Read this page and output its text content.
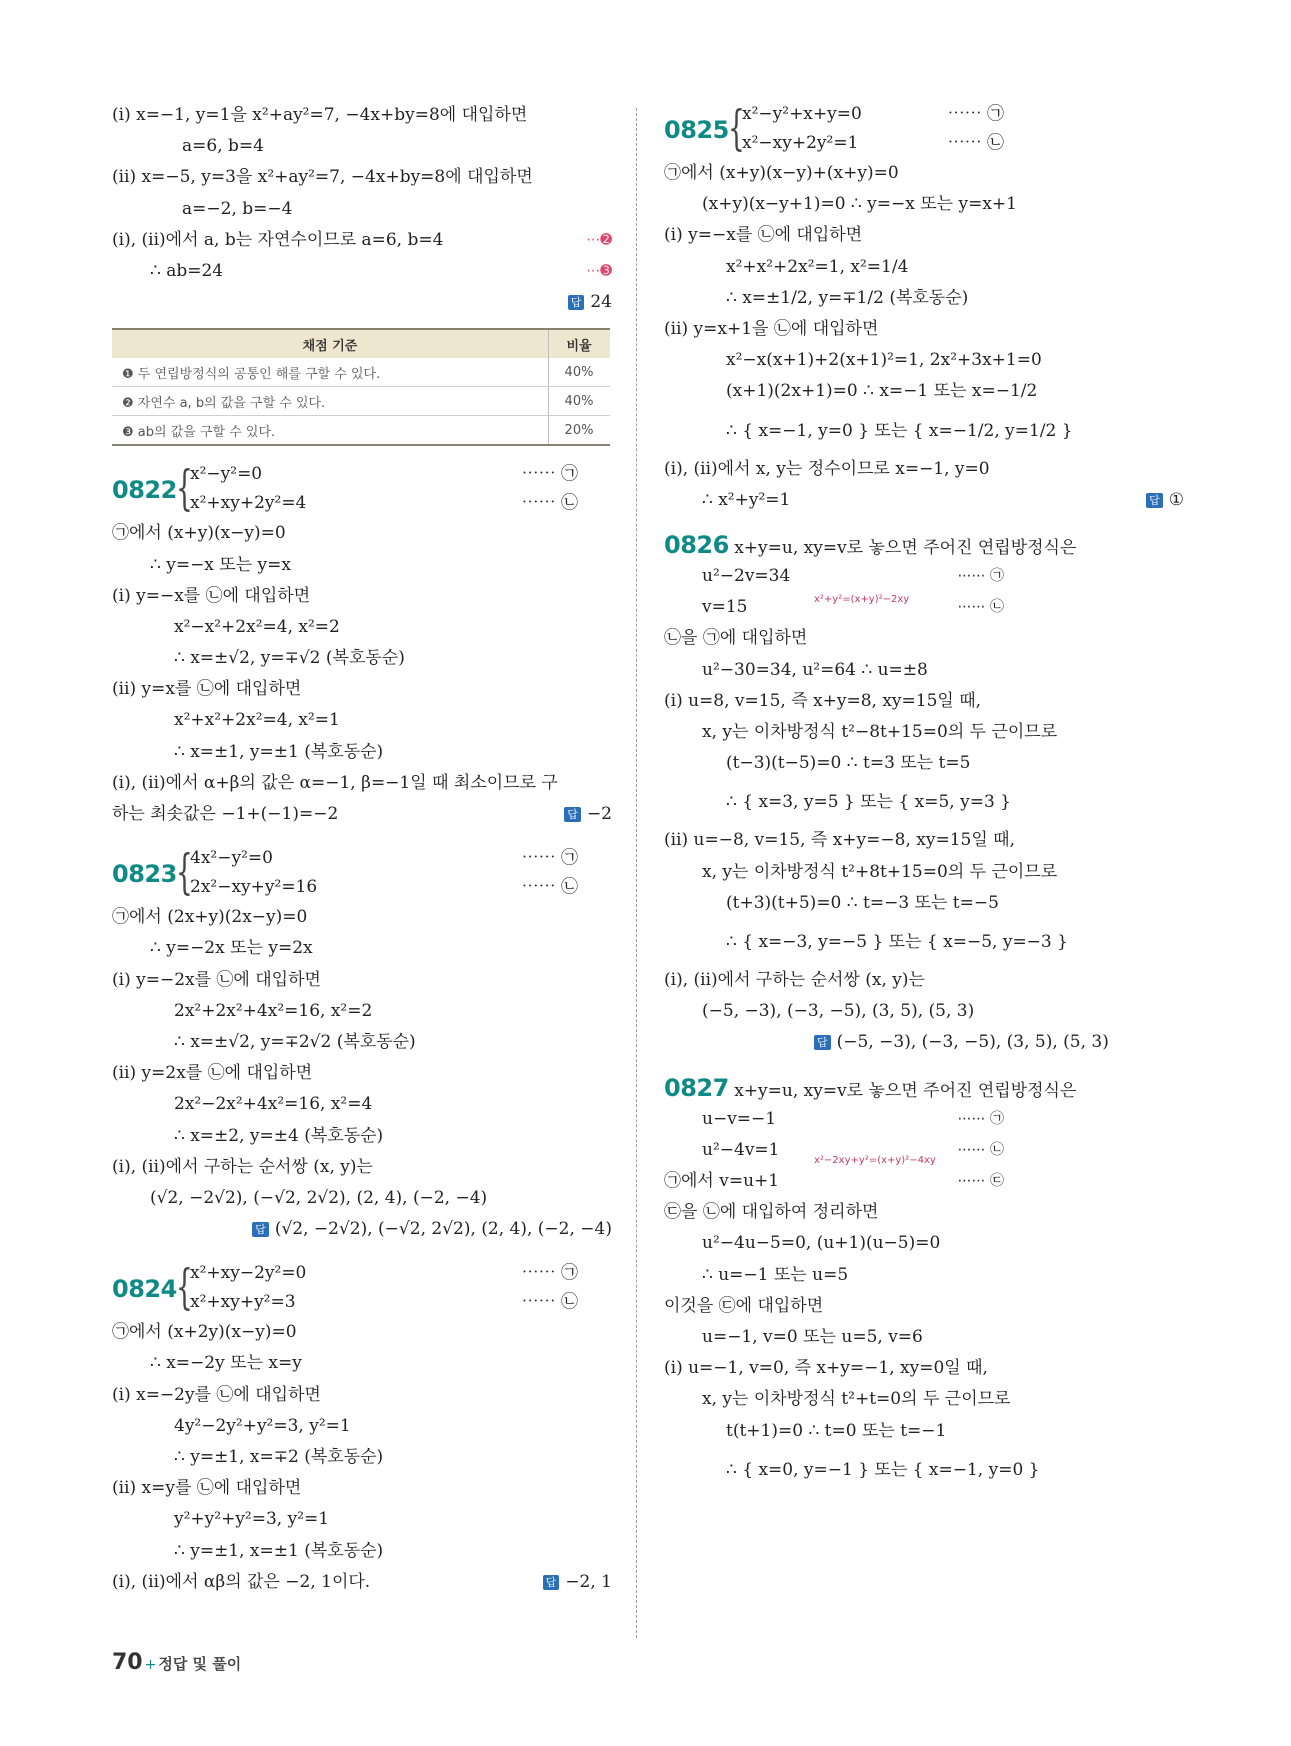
(ⅰ) x=−1, y=1을 x²+ay²=7, −4x+by=8에 대입하면
a=6, b=4
(ⅱ) x=−5, y=3을 x²+ay²=7, −4x+by=8에 대입하면
a=−2, b=−4
(ⅰ), (ⅱ)에서 a, b는 자연수이므로 a=6, b=4	⋯➋
∴ ab=24	⋯➌
답 24
채점 기준	비율
❶ 두 연립방정식의 공통인 해를 구할 수 있다.	40%
❷ 자연수 a, b의 값을 구할 수 있다.	40%
❸ ab의 값을 구할 수 있다.	20%
0822 {
x²−y²=0
x²+xy+2y²=4
⋯⋯ ㉠
⋯⋯ ㉡
㉠에서 (x+y)(x−y)=0
∴ y=−x 또는 y=x
(ⅰ) y=−x를 ㉡에 대입하면
x²−x²+2x²=4, x²=2
∴ x=±√2, y=∓√2 (복호동순)
(ⅱ) y=x를 ㉡에 대입하면
x²+x²+2x²=4, x²=1
∴ x=±1, y=±1 (복호동순)
(ⅰ), (ⅱ)에서 α+β의 값은 α=−1, β=−1일 때 최소이므로 구
하는 최솟값은 −1+(−1)=−2	답 −2
0823 {
4x²−y²=0
2x²−xy+y²=16
⋯⋯ ㉠
⋯⋯ ㉡
㉠에서 (2x+y)(2x−y)=0
∴ y=−2x 또는 y=2x
(ⅰ) y=−2x를 ㉡에 대입하면
2x²+2x²+4x²=16, x²=2
∴ x=±√2, y=∓2√2 (복호동순)
(ⅱ) y=2x를 ㉡에 대입하면
2x²−2x²+4x²=16, x²=4
∴ x=±2, y=±4 (복호동순)
(ⅰ), (ⅱ)에서 구하는 순서쌍 (x, y)는
(√2, −2√2), (−√2, 2√2), (2, 4), (−2, −4)
답 (√2, −2√2), (−√2, 2√2), (2, 4), (−2, −4)
0824 {
x²+xy−2y²=0
x²+xy+y²=3
⋯⋯ ㉠
⋯⋯ ㉡
㉠에서 (x+2y)(x−y)=0
∴ x=−2y 또는 x=y
(ⅰ) x=−2y를 ㉡에 대입하면
4y²−2y²+y²=3, y²=1
∴ y=±1, x=∓2 (복호동순)
(ⅱ) x=y를 ㉡에 대입하면
y²+y²+y²=3, y²=1
∴ y=±1, x=±1 (복호동순)
(ⅰ), (ⅱ)에서 αβ의 값은 −2, 1이다.	답 −2, 1
0825 {
x²−y²+x+y=0
x²−xy+2y²=1
⋯⋯ ㉠
⋯⋯ ㉡
㉠에서 (x+y)(x−y)+(x+y)=0
(x+y)(x−y+1)=0 ∴ y=−x 또는 y=x+1
(ⅰ) y=−x를 ㉡에 대입하면
x²+x²+2x²=1, x²=1/4
∴ x=±1/2, y=∓1/2 (복호동순)
(ⅱ) y=x+1을 ㉡에 대입하면
x²−x(x+1)+2(x+1)²=1, 2x²+3x+1=0
(x+1)(2x+1)=0 ∴ x=−1 또는 x=−1/2
∴ { x=−1, y=0 } 또는 { x=−1/2, y=1/2 }
(ⅰ), (ⅱ)에서 x, y는 정수이므로 x=−1, y=0
∴ x²+y²=1	답 ①
0826 x+y=u, xy=v로 놓으면 주어진 연립방정식은
u²−2v=34	⋯⋯ ㉠
v=15	x²+y²=(x+y)²−2xy	⋯⋯ ㉡
㉡을 ㉠에 대입하면
u²−30=34, u²=64 ∴ u=±8
(ⅰ) u=8, v=15, 즉 x+y=8, xy=15일 때,
x, y는 이차방정식 t²−8t+15=0의 두 근이므로
(t−3)(t−5)=0 ∴ t=3 또는 t=5
∴ { x=3, y=5 } 또는 { x=5, y=3 }
(ⅱ) u=−8, v=15, 즉 x+y=−8, xy=15일 때,
x, y는 이차방정식 t²+8t+15=0의 두 근이므로
(t+3)(t+5)=0 ∴ t=−3 또는 t=−5
∴ { x=−3, y=−5 } 또는 { x=−5, y=−3 }
(ⅰ), (ⅱ)에서 구하는 순서쌍 (x, y)는
(−5, −3), (−3, −5), (3, 5), (5, 3)
답 (−5, −3), (−3, −5), (3, 5), (5, 3)
0827 x+y=u, xy=v로 놓으면 주어진 연립방정식은
u−v=−1	⋯⋯ ㉠
u²−4v=1
x²−2xy+y²=(x+y)²−4xy
⋯⋯ ㉡
㉠에서 v=u+1	⋯⋯ ㉢
㉢을 ㉡에 대입하여 정리하면
u²−4u−5=0, (u+1)(u−5)=0
∴ u=−1 또는 u=5
이것을 ㉢에 대입하면
u=−1, v=0 또는 u=5, v=6
(ⅰ) u=−1, v=0, 즉 x+y=−1, xy=0일 때,
x, y는 이차방정식 t²+t=0의 두 근이므로
t(t+1)=0 ∴ t=0 또는 t=−1
∴ { x=0, y=−1 } 또는 { x=−1, y=0 }
70 + 정답 및 풀이
